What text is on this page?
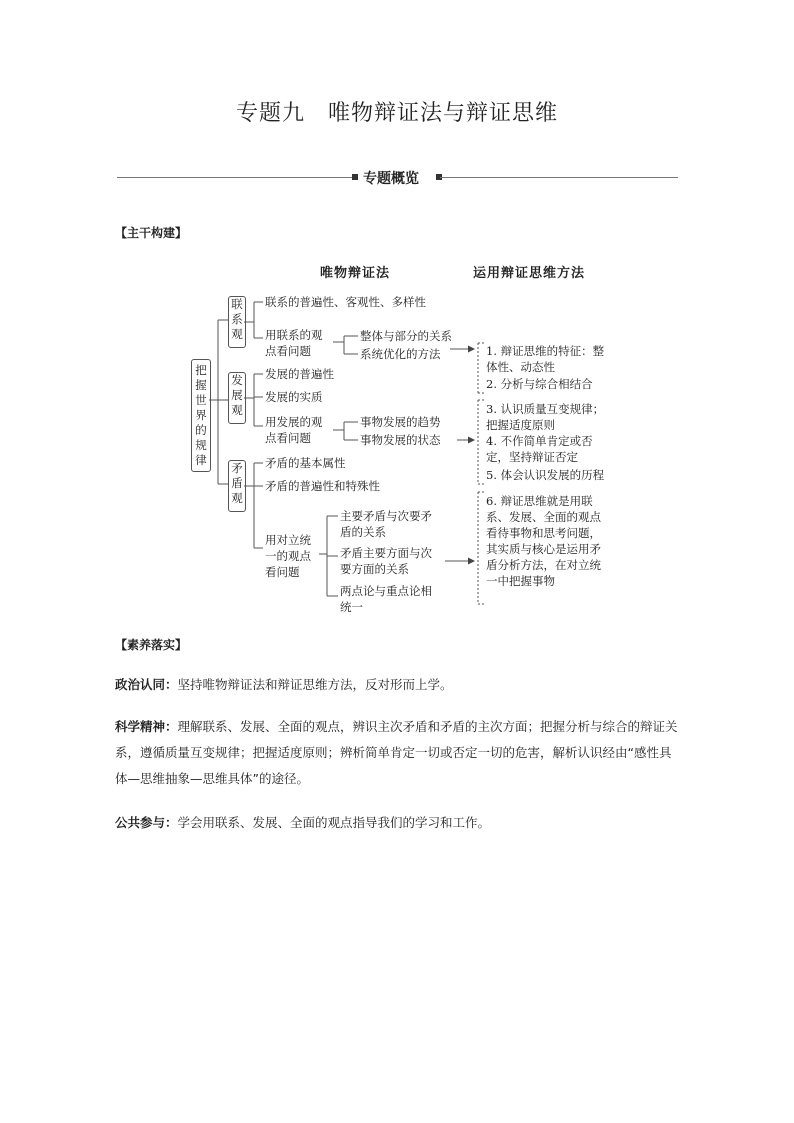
专题九　唯物辩证法与辩证思维
专题概览
【主干构建】
唯物辩证法	运用辩证思维方法
把握世界的规律
联系观
发展观
矛盾观
联系的普遍性、客观性、多样性
用联系的观点看问题
整体与部分的关系
系统优化的方法
发展的普遍性
发展的实质
用发展的观点看问题
事物发展的趋势
事物发展的状态
矛盾的基本属性
矛盾的普遍性和特殊性
用对立统一的观点看问题
主要矛盾与次要矛盾的关系
矛盾主要方面与次要方面的关系
两点论与重点论相统一
1. 辩证思维的特征：整体性、动态性
2. 分析与综合相结合
3. 认识质量互变规律；把握适度原则
4. 不作简单肯定或否定，坚持辩证否定
5. 体会认识发展的历程
6. 辩证思维就是用联系、发展、全面的观点看待事物和思考问题，其实质与核心是运用矛盾分析方法，在对立统一中把握事物
【素养落实】
政治认同：坚持唯物辩证法和辩证思维方法，反对形而上学。
科学精神：理解联系、发展、全面的观点，辨识主次矛盾和矛盾的主次方面；把握分析与综合的辩证关系，遵循质量互变规律；把握适度原则；辨析简单肯定一切或否定一切的危害，解析认识经由“感性具体—思维抽象—思维具体”的途径。
公共参与：学会用联系、发展、全面的观点指导我们的学习和工作。
